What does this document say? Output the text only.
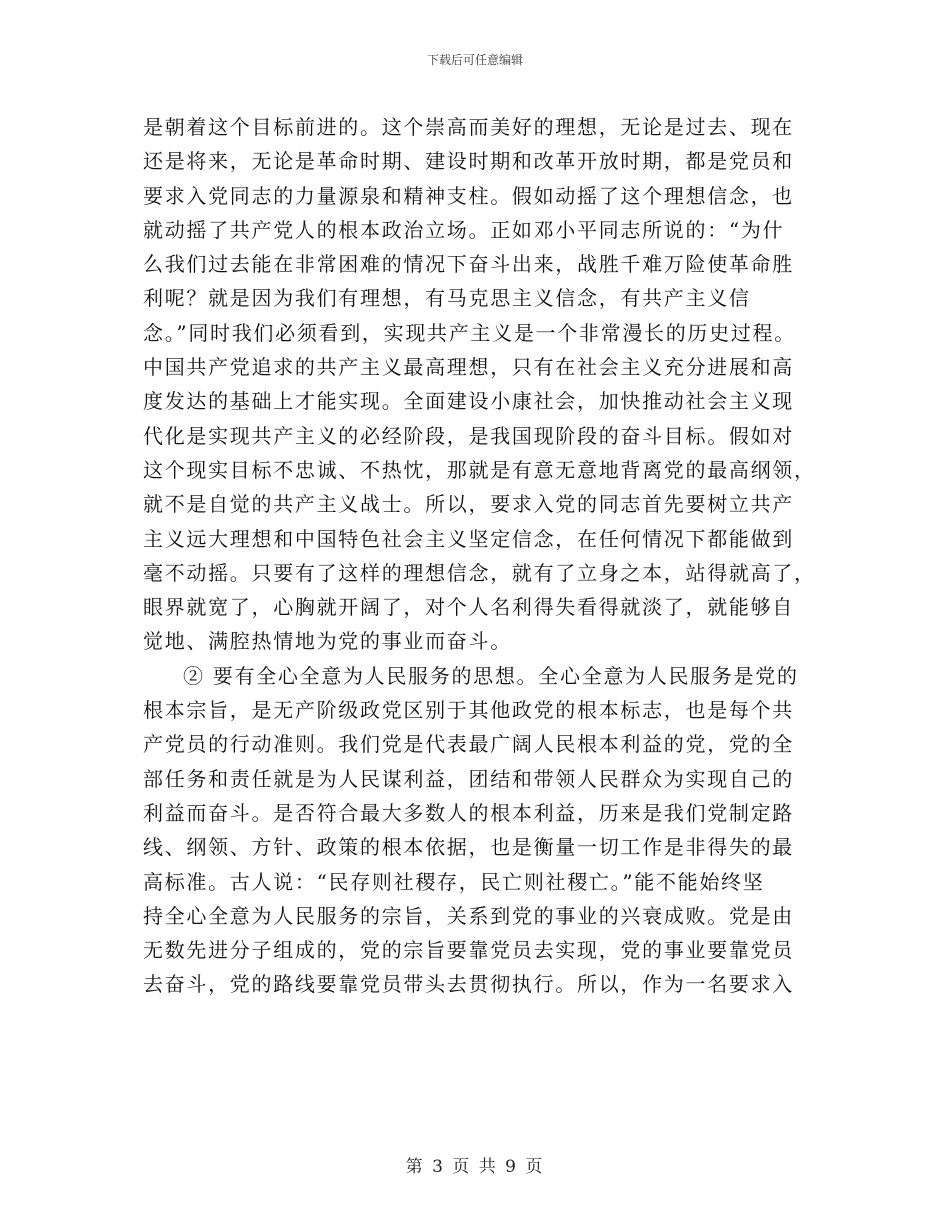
下载后可任意编辑
是朝着这个目标前进的。这个崇高而美好的理想，无论是过去、现在
还是将来，无论是革命时期、建设时期和改革开放时期，都是党员和
要求入党同志的力量源泉和精神支柱。假如动摇了这个理想信念，也
就动摇了共产党人的根本政治立场。正如邓小平同志所说的：“为什
么我们过去能在非常困难的情况下奋斗出来，战胜千难万险使革命胜
利呢？就是因为我们有理想，有马克思主义信念，有共产主义信
念。”同时我们必须看到，实现共产主义是一个非常漫长的历史过程。
中国共产党追求的共产主义最高理想，只有在社会主义充分进展和高
度发达的基础上才能实现。全面建设小康社会，加快推动社会主义现
代化是实现共产主义的必经阶段，是我国现阶段的奋斗目标。假如对
这个现实目标不忠诚、不热忱，那就是有意无意地背离党的最高纲领，
就不是自觉的共产主义战士。所以，要求入党的同志首先要树立共产
主义远大理想和中国特色社会主义坚定信念，在任何情况下都能做到
毫不动摇。只要有了这样的理想信念，就有了立身之本，站得就高了，
眼界就宽了，心胸就开阔了，对个人名利得失看得就淡了，就能够自
觉地、满腔热情地为党的事业而奋斗。
② 要有全心全意为人民服务的思想。全心全意为人民服务是党的
根本宗旨，是无产阶级政党区别于其他政党的根本标志，也是每个共
产党员的行动准则。我们党是代表最广阔人民根本利益的党，党的全
部任务和责任就是为人民谋利益，团结和带领人民群众为实现自己的
利益而奋斗。是否符合最大多数人的根本利益，历来是我们党制定路
线、纲领、方针、政策的根本依据，也是衡量一切工作是非得失的最
高标准。古人说：“民存则社稷存，民亡则社稷亡。”能不能始终坚
持全心全意为人民服务的宗旨，关系到党的事业的兴衰成败。党是由
无数先进分子组成的，党的宗旨要靠党员去实现，党的事业要靠党员
去奋斗，党的路线要靠党员带头去贯彻执行。所以，作为一名要求入
第 3 页 共 9 页
